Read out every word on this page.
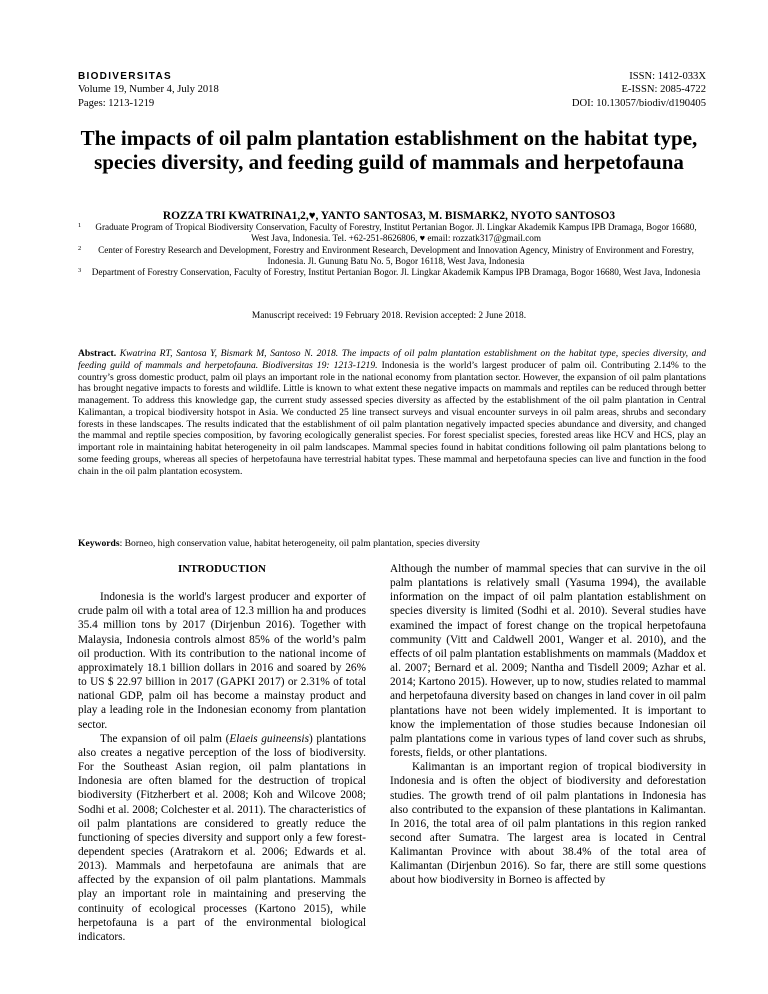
BIODIVERSITAS
Volume 19, Number 4, July 2018
Pages: 1213-1219
ISSN: 1412-033X
E-ISSN: 2085-4722
DOI: 10.13057/biodiv/d190405
The impacts of oil palm plantation establishment on the habitat type,
species diversity, and feeding guild of mammals and herpetofauna
ROZZA TRI KWATRINA1,2,♥, YANTO SANTOSA3, M. BISMARK2, NYOTO SANTOSO3
1 Graduate Program of Tropical Biodiversity Conservation, Faculty of Forestry, Institut Pertanian Bogor. Jl. Lingkar Akademik Kampus IPB Dramaga, Bogor 16680, West Java, Indonesia. Tel. +62-251-8626806, ♥ email: rozzatk317@gmail.com
2 Center of Forestry Research and Development, Forestry and Environment Research, Development and Innovation Agency, Ministry of Environment and Forestry, Indonesia. Jl. Gunung Batu No. 5, Bogor 16118, West Java, Indonesia
3 Department of Forestry Conservation, Faculty of Forestry, Institut Pertanian Bogor. Jl. Lingkar Akademik Kampus IPB Dramaga, Bogor 16680, West Java, Indonesia
Manuscript received: 19 February 2018. Revision accepted: 2 June 2018.
Abstract. Kwatrina RT, Santosa Y, Bismark M, Santoso N. 2018. The impacts of oil palm plantation establishment on the habitat type, species diversity, and feeding guild of mammals and herpetofauna. Biodiversitas 19: 1213-1219. Indonesia is the world’s largest producer of palm oil. Contributing 2.14% to the country’s gross domestic product, palm oil plays an important role in the national economy from plantation sector. However, the expansion of oil palm plantations has brought negative impacts to forests and wildlife. Little is known to what extent these negative impacts on mammals and reptiles can be reduced through better management. To address this knowledge gap, the current study assessed species diversity as affected by the establishment of the oil palm plantation in Central Kalimantan, a tropical biodiversity hotspot in Asia. We conducted 25 line transect surveys and visual encounter surveys in oil palm areas, shrubs and secondary forests in these landscapes. The results indicated that the establishment of oil palm plantation negatively impacted species abundance and diversity, and changed the mammal and reptile species composition, by favoring ecologically generalist species. For forest specialist species, forested areas like HCV and HCS, play an important role in maintaining habitat heterogeneity in oil palm landscapes. Mammal species found in habitat conditions following oil palm plantations belong to some feeding groups, whereas all species of herpetofauna have terrestrial habitat types. These mammal and herpetofauna species can live and function in the food chain in the oil palm plantation ecosystem.
Keywords: Borneo, high conservation value, habitat heterogeneity, oil palm plantation, species diversity
INTRODUCTION

Indonesia is the world's largest producer and exporter of crude palm oil with a total area of 12.3 million ha and produces 35.4 million tons by 2017 (Dirjenbun 2016). Together with Malaysia, Indonesia controls almost 85% of the world’s palm oil production. With its contribution to the national income of approximately 18.1 billion dollars in 2016 and soared by 26% to US $ 22.97 billion in 2017 (GAPKI 2017) or 2.31% of total national GDP, palm oil has become a mainstay product and play a leading role in the Indonesian economy from plantation sector.

The expansion of oil palm (Elaeis guineensis) plantations also creates a negative perception of the loss of biodiversity. For the Southeast Asian region, oil palm plantations in Indonesia are often blamed for the destruction of tropical biodiversity (Fitzherbert et al. 2008; Koh and Wilcove 2008; Sodhi et al. 2008; Colchester et al. 2011). The characteristics of oil palm plantations are considered to greatly reduce the functioning of species diversity and support only a few forest-dependent species (Aratrakorn et al. 2006; Edwards et al. 2013). Mammals and herpetofauna are animals that are affected by the expansion of oil palm plantations. Mammals play an important role in maintaining and preserving the continuity of ecological processes (Kartono 2015), while herpetofauna is a part of the environmental biological indicators.

Although the number of mammal species that can survive in the oil palm plantations is relatively small (Yasuma 1994), the available information on the impact of oil palm plantation establishment on species diversity is limited (Sodhi et al. 2010). Several studies have examined the impact of forest change on the tropical herpetofauna community (Vitt and Caldwell 2001, Wanger et al. 2010), and the effects of oil palm plantation establishments on mammals (Maddox et al. 2007; Bernard et al. 2009; Nantha and Tisdell 2009; Azhar et al. 2014; Kartono 2015). However, up to now, studies related to mammal and herpetofauna diversity based on changes in land cover in oil palm plantations have not been widely implemented. It is important to know the implementation of those studies because Indonesian oil palm plantations come in various types of land cover such as shrubs, forests, fields, or other plantations.

Kalimantan is an important region of tropical biodiversity in Indonesia and is often the object of biodiversity and deforestation studies. The growth trend of oil palm plantations in Indonesia has also contributed to the expansion of these plantations in Kalimantan. In 2016, the total area of oil palm plantations in this region ranked second after Sumatra. The largest area is located in Central Kalimantan Province with about 38.4% of the total area of Kalimantan (Dirjenbun 2016). So far, there are still some questions about how biodiversity in Borneo is affected by
